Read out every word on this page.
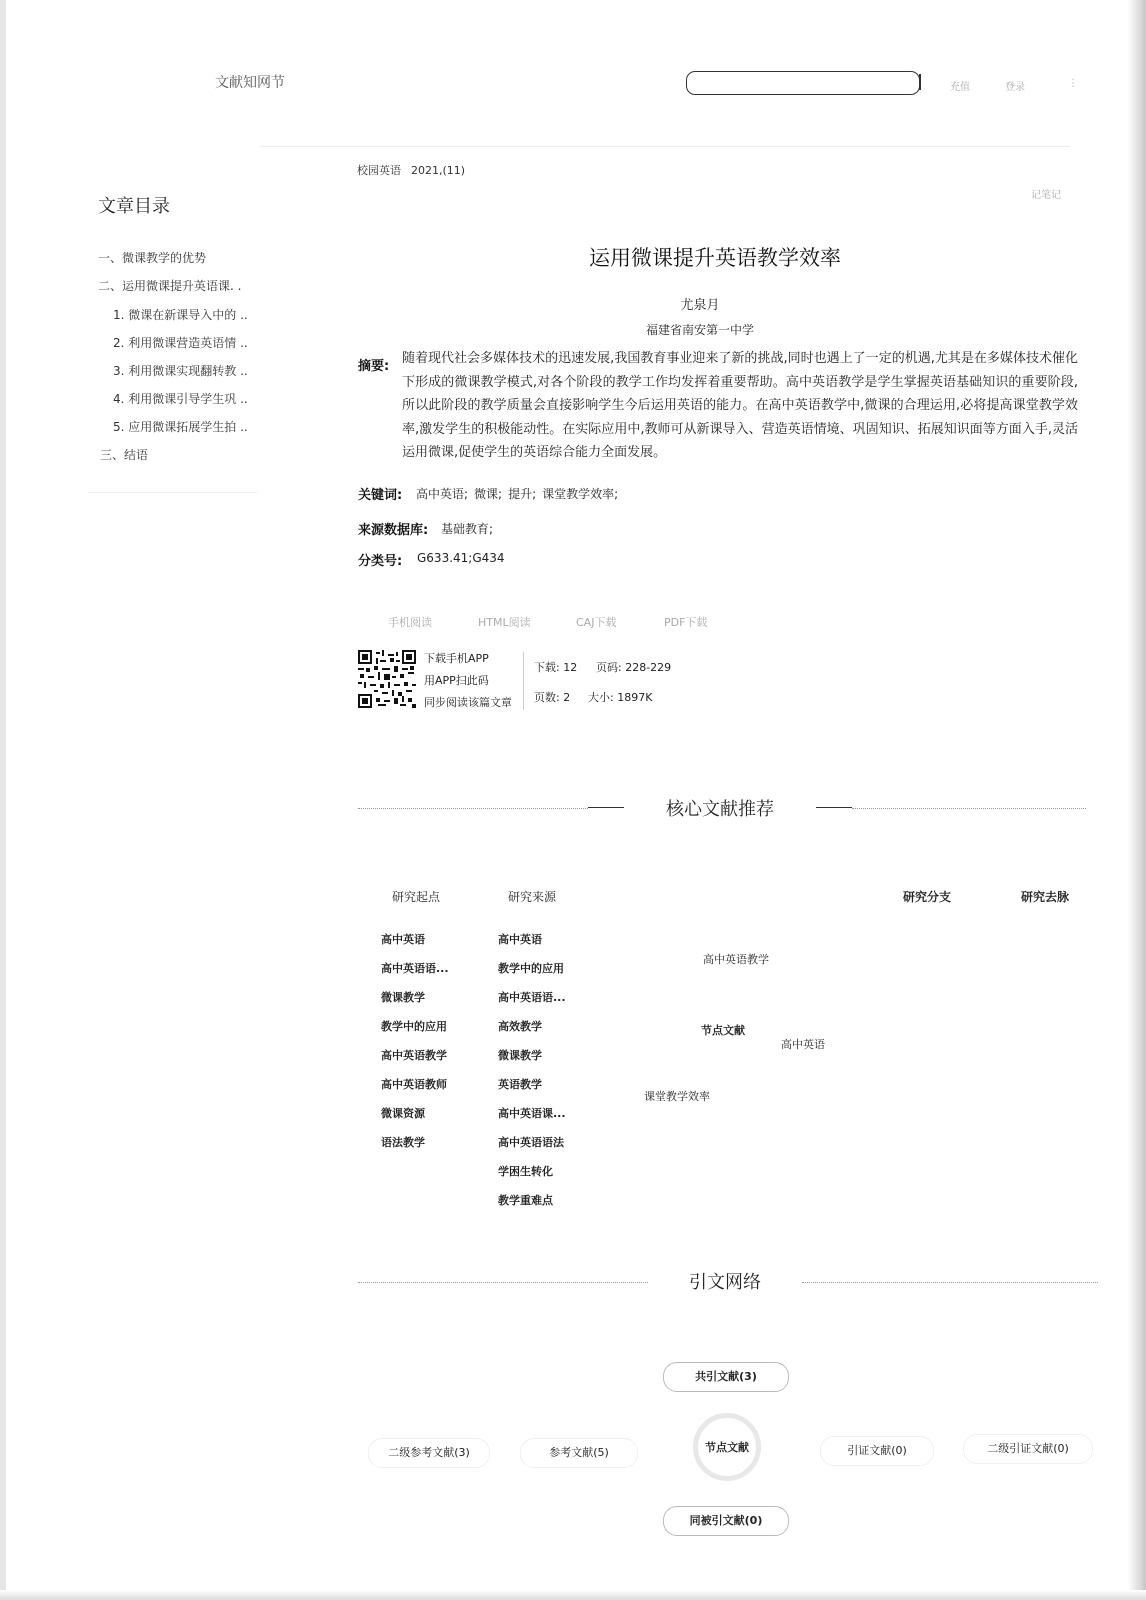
文献知网节	充值	登录	⋮
文章目录
一、微课教学的优势
二、运用微课提升英语课. .
1. 微课在新课导入中的 ..
2. 利用微课营造英语情 ..
3. 利用微课实现翻转教 ..
4. 利用微课引导学生巩 ..
5. 应用微课拓展学生拍 ..
三、结语
校园英语 2021,(11)
记笔记
运用微课提升英语教学效率
尤泉月
福建省南安第一中学
摘要:
随着现代社会多媒体技术的迅速发展,我国教育事业迎来了新的挑战,同时也遇上了一定的机遇,尤其是在多媒体技术催化下形成的微课教学模式,对各个阶段的教学工作均发挥着重要帮助。高中英语教学是学生掌握英语基础知识的重要阶段,所以此阶段的教学质量会直接影响学生今后运用英语的能力。在高中英语教学中,微课的合理运用,必将提高课堂教学效率,激发学生的积极能动性。在实际应用中,教师可从新课导入、营造英语情境、巩固知识、拓展知识面等方面入手,灵活运用微课,促使学生的英语综合能力全面发展。
关键词: 高中英语; 微课; 提升; 课堂教学效率;
来源数据库: 基础教育;
分类号: G633.41;G434
手机阅读	HTML阅读	CAJ下载	PDF下载
下载手机APP
用APP扫此码
同步阅读该篇文章
下载: 12 页码: 228-229
页数: 2 大小: 1897K
核心文献推荐
研究起点	研究来源	研究分支	研究去脉
高中英语
高中英语语...
微课教学
教学中的应用
高中英语教学
高中英语教师
微课资源
语法教学
高中英语
教学中的应用
高中英语语...
高效教学
微课教学
英语教学
高中英语课...
高中英语语法
学困生转化
教学重难点
高中英语教学
节点文献
高中英语
课堂教学效率
引文网络
共引文献(3)
二级参考文献(3)	参考文献(5)	节点文献	引证文献(0)	二级引证文献(0)
同被引文献(0)
